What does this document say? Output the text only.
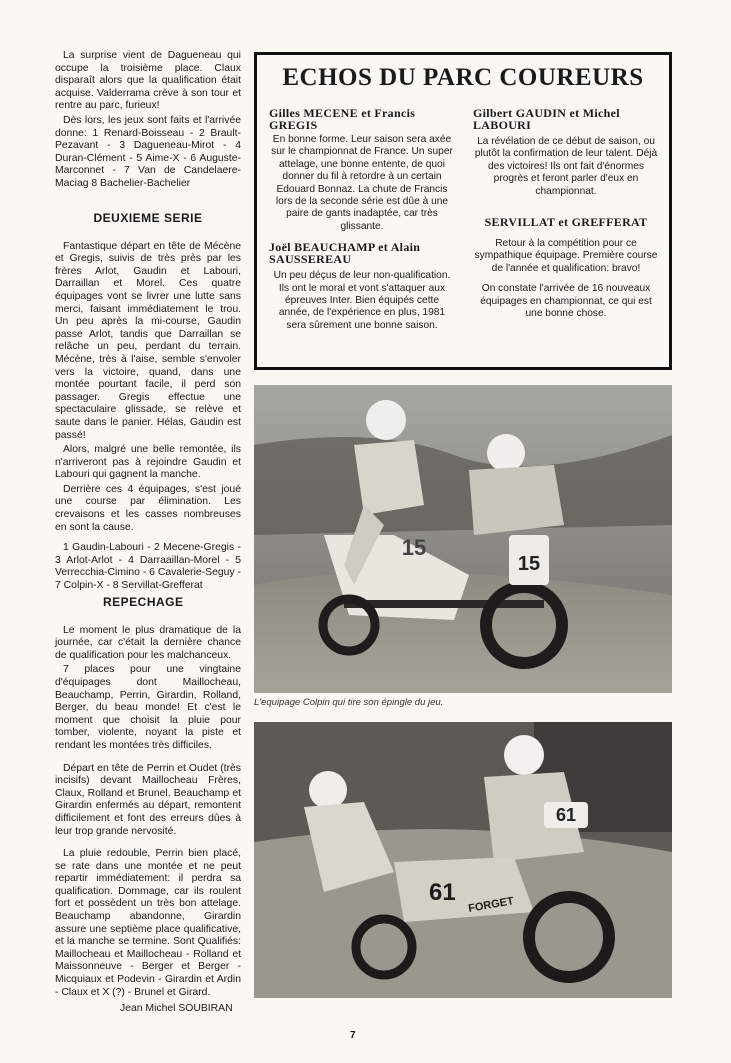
La surprise vient de Dagueneau qui occupe la troisième place. Claux disparaît alors que la qualification était acquise. Valderrama crève à son tour et rentre au parc, furieux!

Dès lors, les jeux sont faits et l'arrivée donne: 1 Renard-Boisseau - 2 Brault-Pezavant - 3 Dagueneau-Mirot - 4 Duran-Clément - 5 Aime-X - 6 Auguste-Marconnet - 7 Van de Candelaere-Maciag 8 Bachelier-Bachelier

DEUXIEME SERIE

Fantastique départ en tête de Mécène et Gregis, suivis de très près par les frères Arlot, Gaudin et Labouri, Darraillan et Morel. Ces quatre équipages vont se livrer une lutte sans merci, faisant immédiatement le trou. Un peu après la mi-course, Gaudin passe Arlot, tandis que Darraillan se relâche un peu, perdant du terrain. Mécène, très à l'aise, semble s'envoler vers la victoire, quand, dans une montée pourtant facile, il perd son passager. Gregis effectue une spectaculaire glissade, se relève et saute dans le panier. Hélas, Gaudin est passé!

Alors, malgré une belle remontée, ils n'arriveront pas à rejoindre Gaudin et Labouri qui gagnent la manche.

Derrière ces 4 équipages, s'est joué une course par élimination. Les crevaisons et les casses nombreuses en sont la cause.

1 Gaudin-Labouri - 2 Mecene-Gregis - 3 Arlot-Arlot - 4 Darraaillan-Morel - 5 Verrecchia-Cimino - 6 Cavalerie-Seguy - 7 Colpin-X - 8 Servillat-Grefferat

REPECHAGE

Le moment le plus dramatique de la journée, car c'était la dernière chance de qualification pour les malchanceux.

7 places pour une vingtaine d'équipages dont Maillocheau, Beauchamp, Perrin, Girardin, Rolland, Berger, du beau monde! Et c'est le moment que choisit la pluie pour tomber, violente, noyant la piste et rendant les montées très difficiles.

Départ en tête de Perrin et Oudet (très incisifs) devant Maillocheau Frères, Claux, Rolland et Brunel. Beauchamp et Girardin enfermés au départ, remontent difficilement et font des erreurs dûes à leur trop grande nervosité.

La pluie redouble, Perrin bien placé, se rate dans une montée et ne peut repartir immédiatement: il perdra sa qualification. Dommage, car ils roulent fort et possèdent un très bon attelage. Beauchamp abandonne, Girardin assure une septième place qualificative, et la manche se termine. Sont Qualifiés: Maillocheau et Maillocheau - Rolland et Maissonneuve - Berger et Berger - Micquiaux et Podevin - Girardin et Ardin - Claux et X (?) - Brunel et Girard.

Jean Michel SOUBIRAN
ECHOS DU PARC COUREURS
Gilles MECENE et Francis GREGIS

En bonne forme. Leur saison sera axée sur le championnat de France. Un super attelage, une bonne entente, de quoi donner du fil à retordre à un certain Edouard Bonnaz. La chute de Francis lors de la seconde série est dûe à une paire de gants inadaptée, car très glissante.

Joël BEAUCHAMP et Alain SAUSSEREAU

Un peu déçus de leur non-qualification. Ils ont le moral et vont s'attaquer aux épreuves Inter. Bien équipés cette année, de l'expérience en plus, 1981 sera sûrement une bonne saison.

Gilbert GAUDIN et Michel LABOURI

La révélation de ce début de saison, ou plutôt la confirmation de leur talent. Déjà des victoires! Ils ont fait d'énormes progrès et feront parler d'eux en championnat.

SERVILLAT et GREFFERAT

Retour à la compétition pour ce sympathique équipage. Première course de l'année et qualification: bravo!

On constate l'arrivée de 16 nouveaux équipages en championnat, ce qui est une bonne chose.

15
15
L'equipage Colpin qui tire son épingle du jeu.
61 FORGET
61
7
